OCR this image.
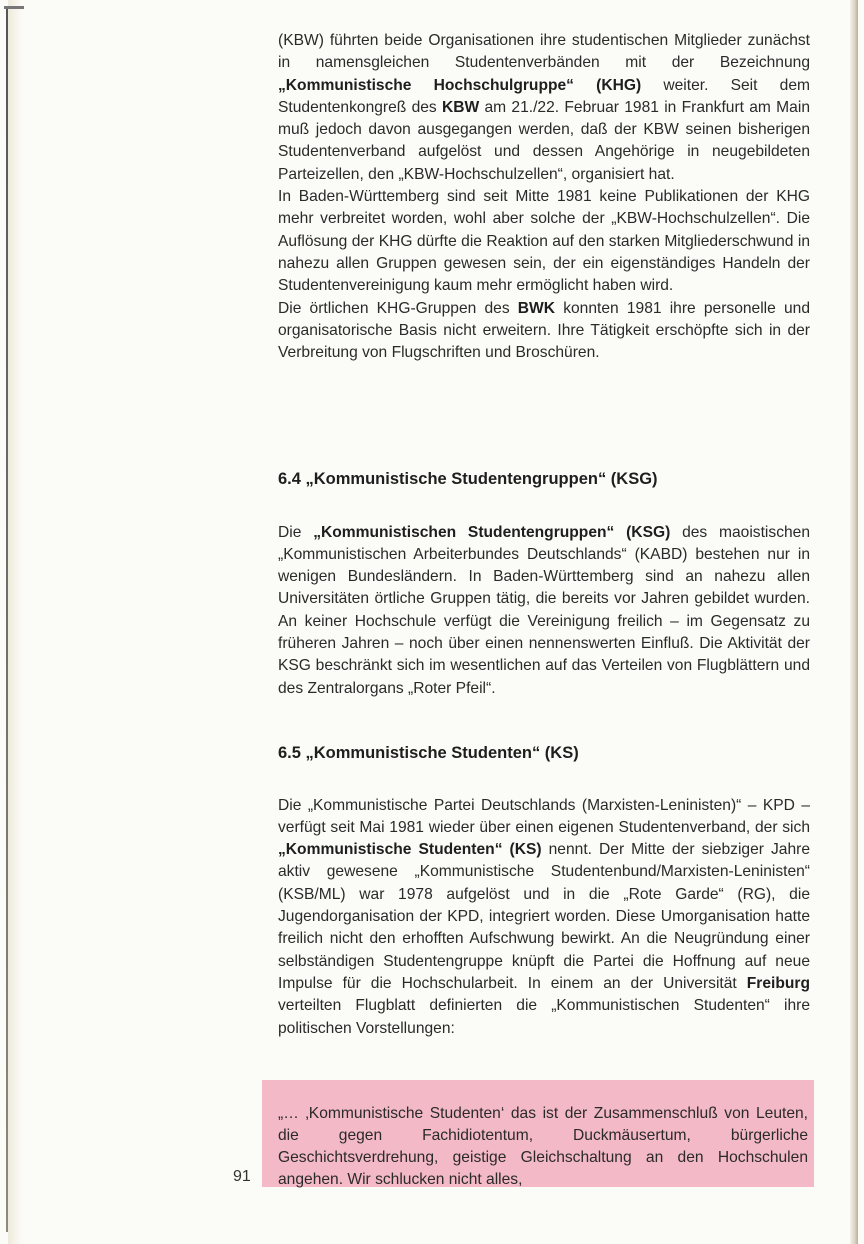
(KBW) führten beide Organisationen ihre studentischen Mitglieder zunächst in namensgleichen Studentenverbänden mit der Bezeichnung „Kommunistische Hochschulgruppe“ (KHG) weiter. Seit dem Studentenkongreß des KBW am 21./22. Februar 1981 in Frankfurt am Main muß jedoch davon ausgegangen werden, daß der KBW seinen bisherigen Studentenverband aufgelöst und dessen Angehörige in neugebildeten Parteizellen, den „KBW-Hochschulzellen“, organisiert hat.

In Baden-Württemberg sind seit Mitte 1981 keine Publikationen der KHG mehr verbreitet worden, wohl aber solche der „KBW-Hochschulzellen“. Die Auflösung der KHG dürfte die Reaktion auf den starken Mitgliederschwund in nahezu allen Gruppen gewesen sein, der ein eigenständiges Handeln der Studentenvereinigung kaum mehr ermöglicht haben wird.

Die örtlichen KHG-Gruppen des BWK konnten 1981 ihre personelle und organisatorische Basis nicht erweitern. Ihre Tätigkeit erschöpfte sich in der Verbreitung von Flugschriften und Broschüren.

6.4 „Kommunistische Studentengruppen“ (KSG)

Die „Kommunistischen Studentengruppen“ (KSG) des maoistischen „Kommunistischen Arbeiterbundes Deutschlands“ (KABD) bestehen nur in wenigen Bundesländern. In Baden-Württemberg sind an nahezu allen Universitäten örtliche Gruppen tätig, die bereits vor Jahren gebildet wurden. An keiner Hochschule verfügt die Vereinigung freilich – im Gegensatz zu früheren Jahren – noch über einen nennenswerten Einfluß. Die Aktivität der KSG beschränkt sich im wesentlichen auf das Verteilen von Flugblättern und des Zentralorgans „Roter Pfeil“.

6.5 „Kommunistische Studenten“ (KS)

Die „Kommunistische Partei Deutschlands (Marxisten-Leninisten)“ – KPD – verfügt seit Mai 1981 wieder über einen eigenen Studentenverband, der sich „Kommunistische Studenten“ (KS) nennt. Der Mitte der siebziger Jahre aktiv gewesene „Kommunistische Studentenbund/Marxisten-Leninisten“ (KSB/ML) war 1978 aufgelöst und in die „Rote Garde“ (RG), die Jugendorganisation der KPD, integriert worden. Diese Umorganisation hatte freilich nicht den erhofften Aufschwung bewirkt. An die Neugründung einer selbständigen Studentengruppe knüpft die Partei die Hoffnung auf neue Impulse für die Hochschularbeit. In einem an der Universität Freiburg verteilten Flugblatt definierten die „Kommunistischen Studenten“ ihre politischen Vorstellungen:

„… ‚Kommunistische Studenten‘ das ist der Zusammenschluß von Leuten, die gegen Fachidiotentum, Duckmäusertum, bürgerliche Geschichtsverdrehung, geistige Gleichschaltung an den Hochschulen angehen. Wir schlucken nicht alles,

91
